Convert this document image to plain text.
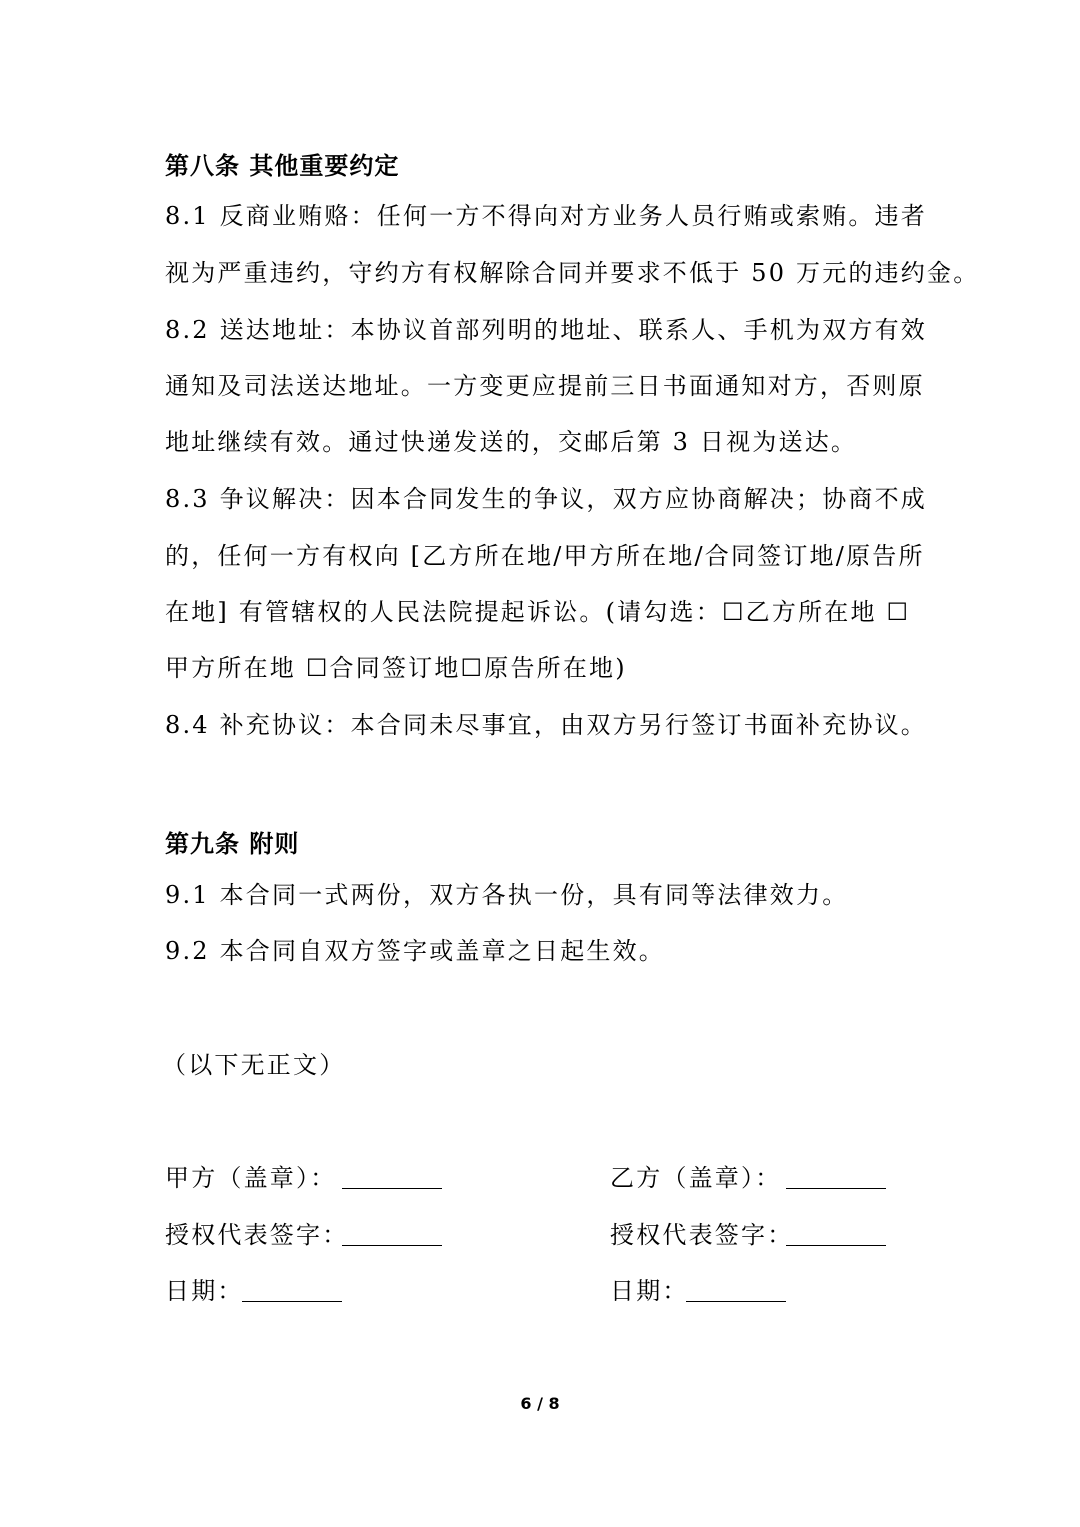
第八条 其他重要约定
8.1 反商业贿赂：任何一方不得向对方业务人员行贿或索贿。违者
视为严重违约，守约方有权解除合同并要求不低于 50 万元的违约金。
8.2 送达地址：本协议首部列明的地址、联系人、手机为双方有效
通知及司法送达地址。一方变更应提前三日书面通知对方，否则原
地址继续有效。通过快递发送的，交邮后第 3 日视为送达。
8.3 争议解决：因本合同发生的争议，双方应协商解决；协商不成
的，任何一方有权向 [乙方所在地/甲方所在地/合同签订地/原告所
在地] 有管辖权的人民法院提起诉讼。(请勾选：☐乙方所在地 ☐
甲方所在地 ☐合同签订地☐原告所在地)
8.4 补充协议：本合同未尽事宜，由双方另行签订书面补充协议。
第九条 附则
9.1 本合同一式两份，双方各执一份，具有同等法律效力。
9.2 本合同自双方签字或盖章之日起生效。
（以下无正文）
甲方（盖章）：
授权代表签字：
日期：
乙方（盖章）：
授权代表签字：
日期：
6 / 8
